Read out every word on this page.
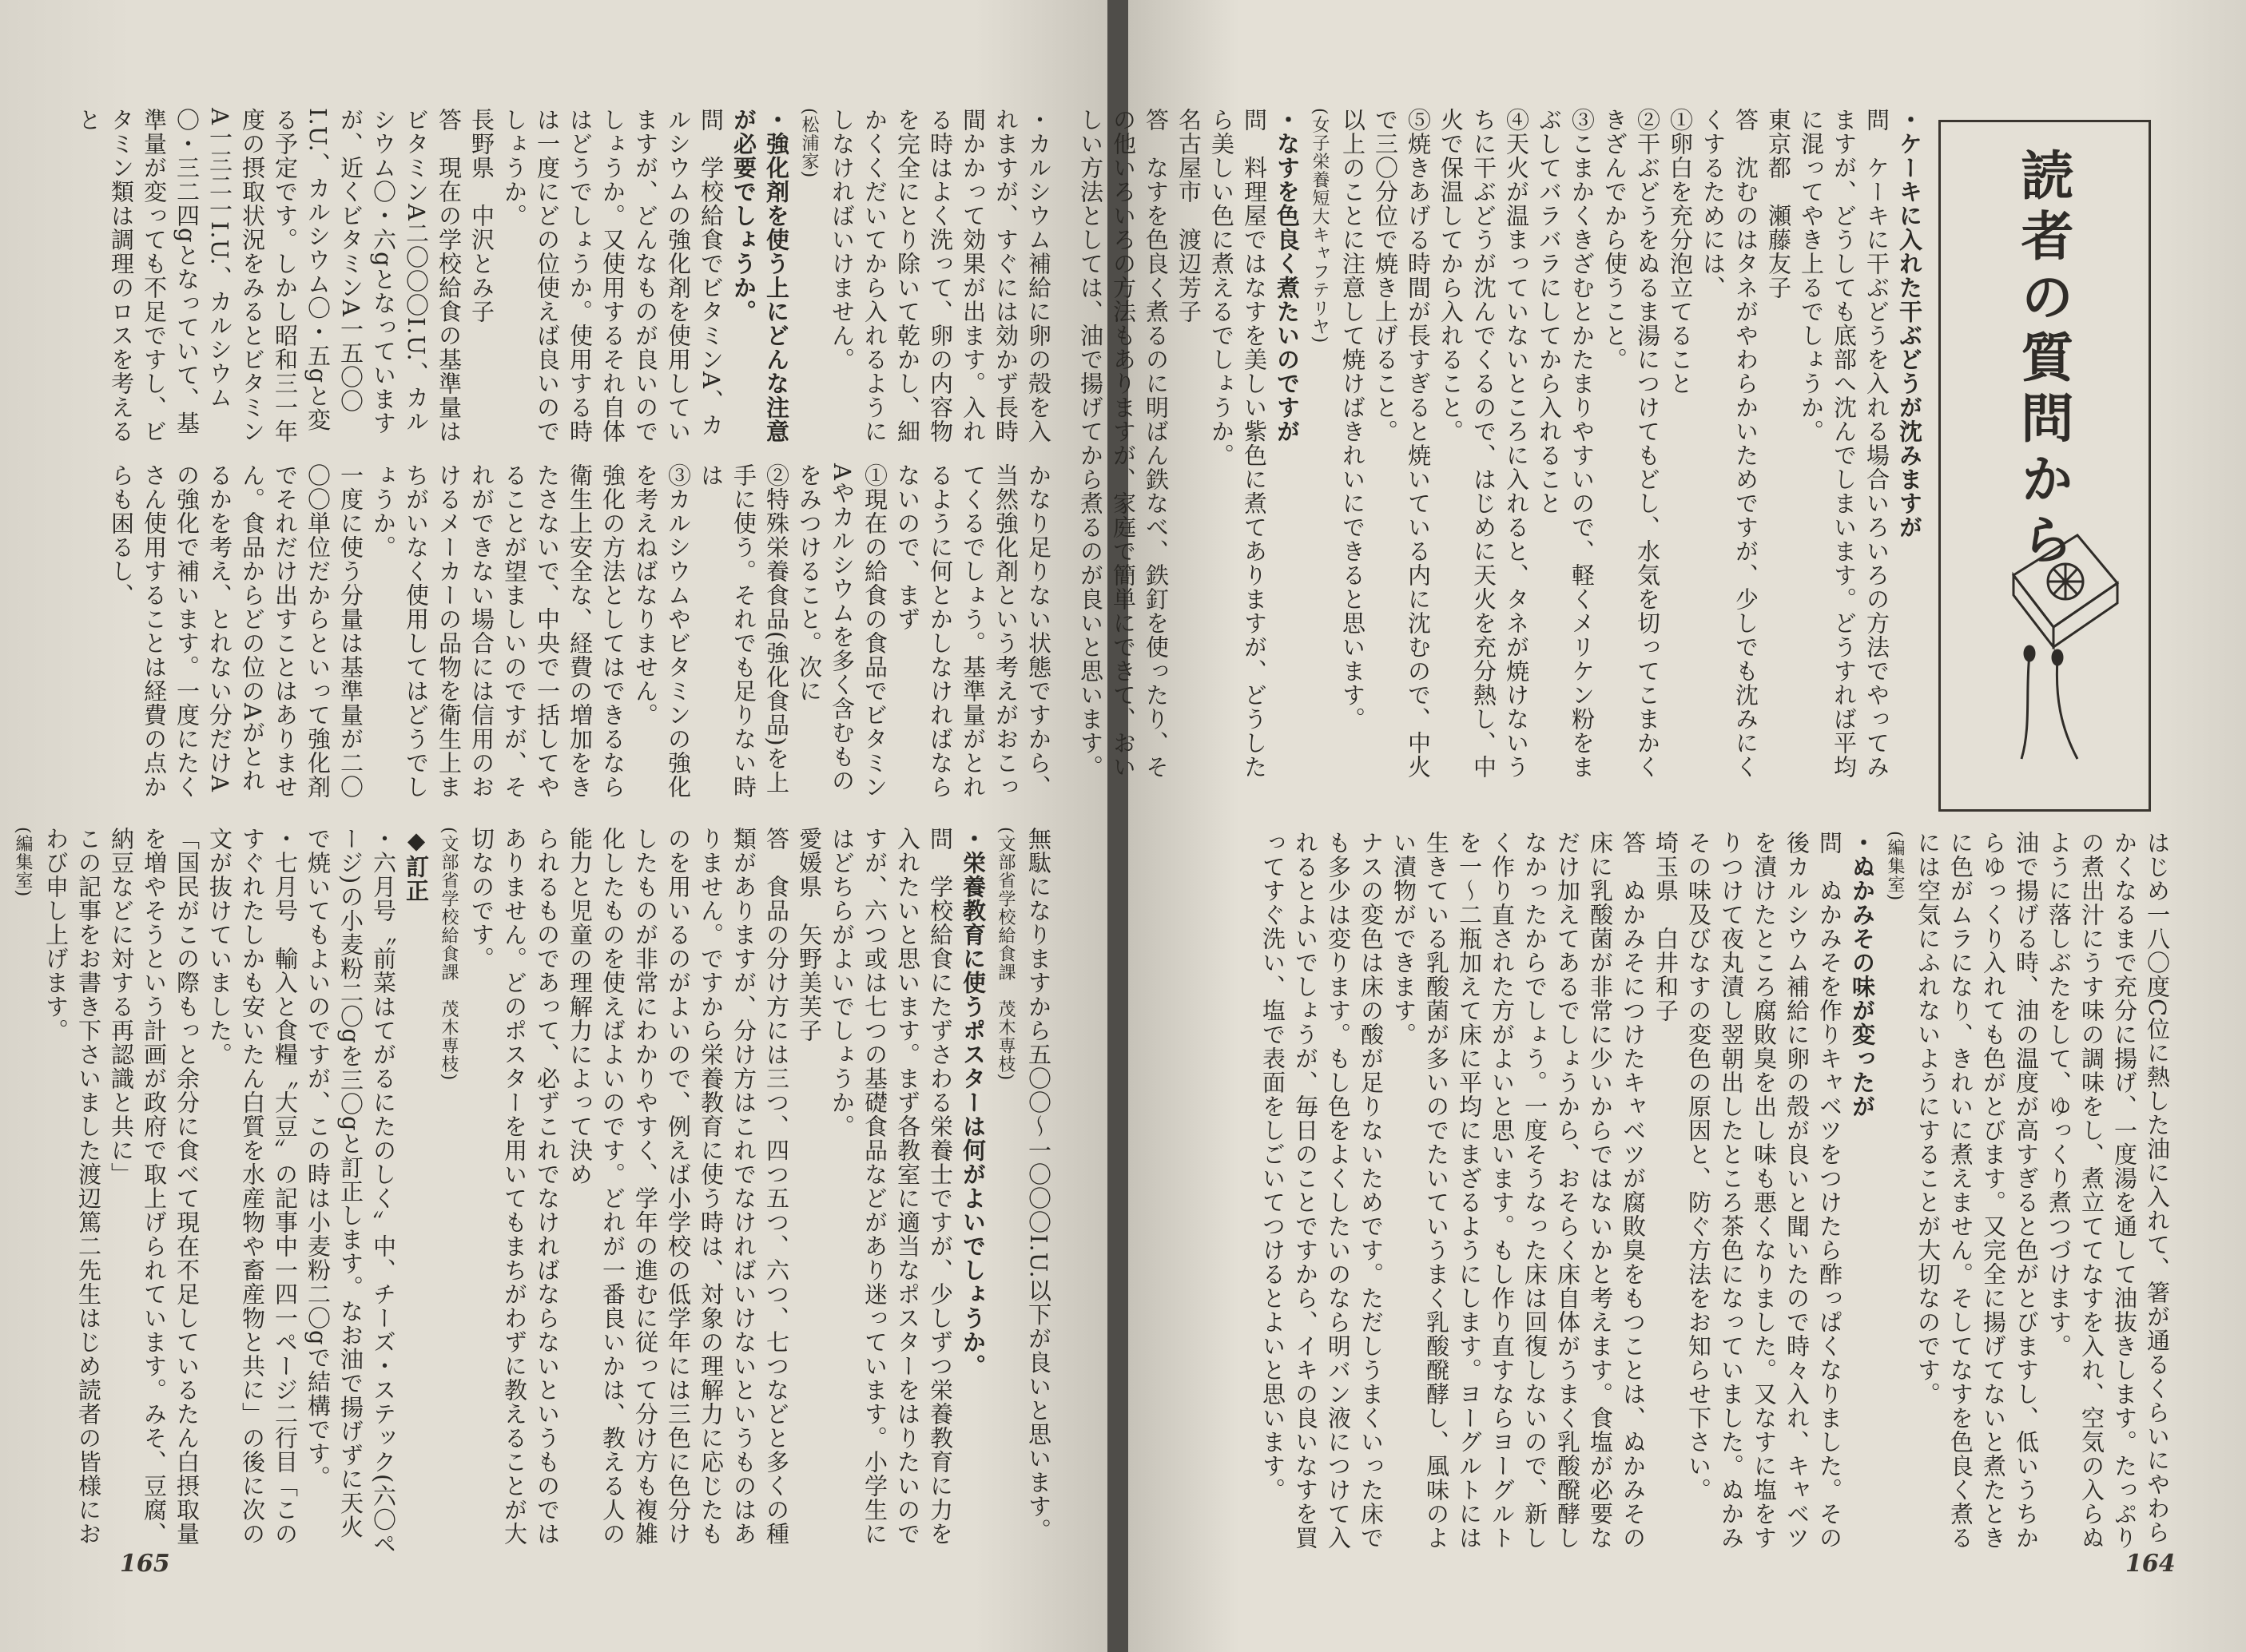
読者の質問から

・ケーキに入れた干ぶどうが沈みますが

問　ケーキに干ぶどうを入れる場合いろいろの方法でやってみますが、どうしても底部へ沈んでしまいます。どうすれば平均に混ってやき上るでしょうか。

東京都　瀬藤友子

答　沈むのはタネがやわらかいためですが、少しでも沈みにくくするためには、

①卵白を充分泡立てること

②干ぶどうをぬるま湯につけてもどし、水気を切ってこまかくきざんでから使うこと。

③こまかくきざむとかたまりやすいので、軽くメリケン粉をまぶしてバラバラにしてから入れること

④天火が温まっていないところに入れると、タネが焼けないうちに干ぶどうが沈んでくるので、はじめに天火を充分熱し、中火で保温してから入れること。

⑤焼きあげる時間が長すぎると焼いている内に沈むので、中火で三〇分位で焼き上げること。

以上のことに注意して焼けばきれいにできると思います。

(女子栄養短大キャフテリヤ)

・なすを色良く煮たいのですが

問　料理屋ではなすを美しい紫色に煮てありますが、どうしたら美しい色に煮えるでしょうか。

名古屋市　渡辺芳子

答　なすを色良く煮るのに明ばん鉄なべ、鉄釘を使ったり、その他いろいろの方法もありますが、家庭で簡単にできて、おいしい方法としては、油で揚げてから煮るのが良いと思います。

はじめ一八〇度C位に熱した油に入れて、箸が通るくらいにやわらかくなるまで充分に揚げ、一度湯を通して油抜きします。たっぷりの煮出汁にうす味の調味をし、煮立ててなすを入れ、空気の入らぬように落しぶたをして、ゆっくり煮つづけます。

油で揚げる時、油の温度が高すぎると色がとびますし、低いうちからゆっくり入れても色がとびます。又完全に揚げてないと煮たときに色がムラになり、きれいに煮えません。そしてなすを色良く煮るには空気にふれないようにすることが大切なのです。

(編集室)

・ぬかみその味が変ったが

問　ぬかみそを作りキャベツをつけたら酢っぱくなりました。その後カルシウム補給に卵の殻が良いと聞いたので時々入れ、キャベツを漬けたところ腐敗臭を出し味も悪くなりました。又なすに塩をすりつけて夜丸漬し翌朝出したところ茶色になっていました。ぬかみその味及びなすの変色の原因と、防ぐ方法をお知らせ下さい。

埼玉県　白井和子

答　ぬかみそにつけたキャベツが腐敗臭をもつことは、ぬかみその床に乳酸菌が非常に少いからではないかと考えます。食塩が必要なだけ加えてあるでしょうから、おそらく床自体がうまく乳酸醗酵しなかったからでしょう。一度そうなった床は回復しないので、新しく作り直された方がよいと思います。もし作り直すならヨーグルトを一～二瓶加えて床に平均にまざるようにします。ヨーグルトには生きている乳酸菌が多いのでたいていうまく乳酸醗酵し、風味のよい漬物ができます。

ナスの変色は床の酸が足りないためです。ただしうまくいった床でも多少は変ります。もし色をよくしたいのなら明バン液につけて入れるとよいでしょうが、毎日のことですから、イキの良いなすを買ってすぐ洗い、塩で表面をしごいてつけるとよいと思います。

164

・カルシウム補給に卵の殻を入れますが、すぐには効かず長時間かかって効果が出ます。入れる時はよく洗って、卵の内容物を完全にとり除いて乾かし、細かくくだいてから入れるようにしなければいけません。

(松浦家)

・強化剤を使う上にどんな注意が必要でしょうか。

問　学校給食でビタミンA、カルシウムの強化剤を使用していますが、どんなものが良いのでしょうか。又使用するそれ自体はどうでしょうか。使用する時は一度にどの位使えば良いのでしょうか。

長野県　中沢とみ子

答　現在の学校給食の基準量はビタミンA二〇〇〇I.U.、カルシウム〇・六gとなっていますが、近くビタミンA一五〇〇I.U.、カルシウム〇・五gと変る予定です。しかし昭和三一年度の摂取状況をみるとビタミンA一三二一I.U.、カルシウム〇・三二四gとなっていて、基準量が変っても不足ですし、ビタミン類は調理のロスを考えると

かなり足りない状態ですから、当然強化剤という考えがおこってくるでしょう。基準量がとれるように何とかしなければならないので、まず

①現在の給食の食品でビタミンAやカルシウムを多く含むものをみつけること。次に

②特殊栄養食品(強化食品)を上手に使う。それでも足りない時は

③カルシウムやビタミンの強化を考えねばなりません。

強化の方法としてはできるなら衛生上安全な、経費の増加をきたさないで、中央で一括してやることが望ましいのですが、それができない場合には信用のおけるメーカーの品物を衛生上まちがいなく使用してはどうでしょうか。

一度に使う分量は基準量が二〇〇〇単位だからといって強化剤でそれだけ出すことはありません。食品からどの位のAがとれるかを考え、とれない分だけAの強化で補います。一度にたくさん使用することは経費の点からも困るし、

無駄になりますから五〇〇～一〇〇〇I.U.以下が良いと思います。

(文部省学校給食課　茂木専枝)

・栄養教育に使うポスターは何がよいでしょうか。

問　学校給食にたずさわる栄養士ですが、少しずつ栄養教育に力を入れたいと思います。まず各教室に適当なポスターをはりたいのですが、六つ或は七つの基礎食品などがあり迷っています。小学生にはどちらがよいでしょうか。

愛媛県　矢野美芙子

答　食品の分け方には三つ、四つ五つ、六つ、七つなどと多くの種類がありますが、分け方はこれでなければいけないというものはありません。ですから栄養教育に使う時は、対象の理解力に応じたものを用いるのがよいので、例えば小学校の低学年には三色に色分けしたものが非常にわかりやすく、学年の進むに従って分け方も複雑化したものを使えばよいのです。どれが一番良いかは、教える人の能力と児童の理解力によって決め

られるものであって、必ずこれでなければならないというものではありません。どのポスターを用いてもまちがわずに教えることが大切なのです。

(文部省学校給食課　茂木専枝)

◆訂正

・六月号〝前菜はてがるにたのしく〟中、チーズ・ステック(六〇ページ)の小麦粉二〇gを三〇gと訂正します。なお油で揚げずに天火で焼いてもよいのですが、この時は小麦粉二〇gで結構です。

・七月号　輸入と食糧〝大豆〟の記事中一四一ページ二行目「このすぐれたしかも安いたん白質を水産物や畜産物と共に」の後に次の文が抜けていました。

「国民がこの際もっと余分に食べて現在不足しているたん白摂取量を増やそうという計画が政府で取上げられています。みそ、豆腐、納豆などに対する再認識と共に」

この記事をお書き下さいました渡辺篤二先生はじめ読者の皆様におわび申し上げます。

(編集室)

165
